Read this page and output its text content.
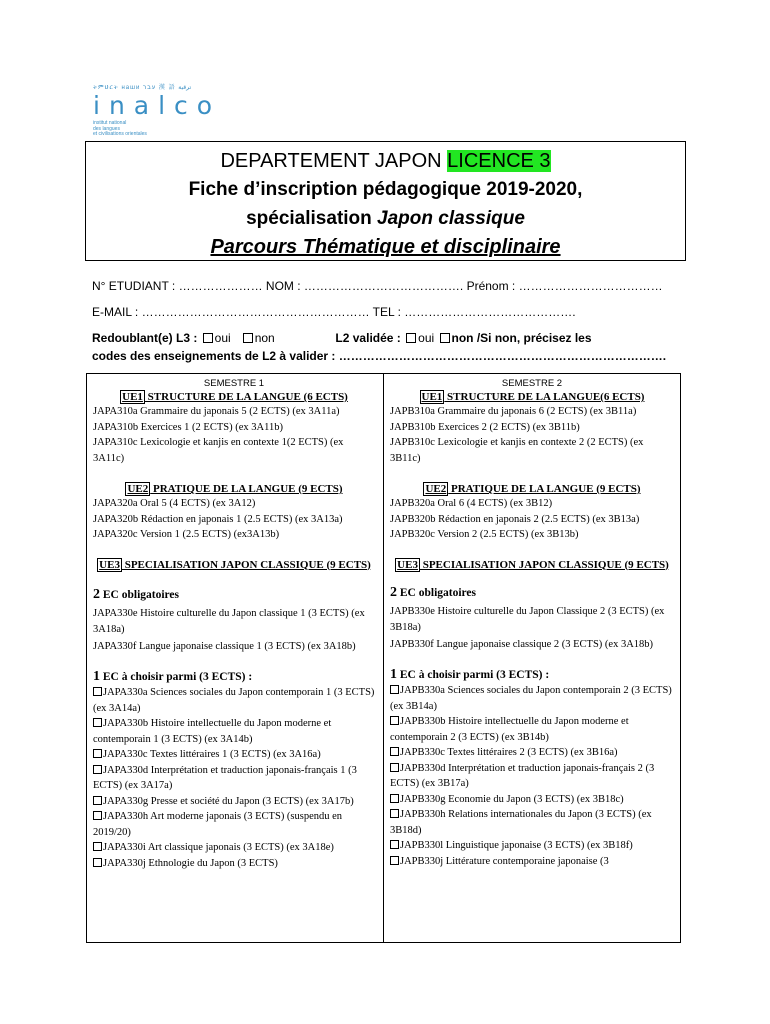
ትምህርት наши עבר 漢 語 ترقية
inalco
institut national
des langues
et civilisations orientales
DEPARTEMENT JAPON LICENCE 3
Fiche d’inscription pédagogique 2019-2020,
spécialisation Japon classique
Parcours Thématique et disciplinaire
N° ETUDIANT : ………………… NOM : …………………………………. Prénom : ………………………………
E-MAIL : ………………………………………………… TEL : …………………………………….
Redoublant(e) L3 : oui non	L2 validée : oui non /Si non, précisez les
codes des enseignements de L2 à valider : ……………………………………………………………………….
SEMESTRE 1
UE1 STRUCTURE DE LA LANGUE (6 ECTS)
JAPA310a Grammaire du japonais 5 (2 ECTS) (ex 3A11a)
JAPA310b Exercices 1 (2 ECTS) (ex 3A11b)
JAPA310c Lexicologie et kanjis en contexte 1(2 ECTS) (ex 3A11c)
UE2 PRATIQUE DE LA LANGUE (9 ECTS)
JAPA320a Oral 5 (4 ECTS) (ex 3A12)
JAPA320b Rédaction en japonais 1 (2.5 ECTS) (ex 3A13a)
JAPA320c Version 1 (2.5 ECTS) (ex3A13b)
UE3 SPECIALISATION JAPON CLASSIQUE (9 ECTS)
2 EC obligatoires
JAPA330e Histoire culturelle du Japon classique 1 (3 ECTS) (ex 3A18a)
JAPA330f Langue japonaise classique 1 (3 ECTS) (ex 3A18b)
1 EC à choisir parmi (3 ECTS) :
JAPA330a Sciences sociales du Japon contemporain 1 (3 ECTS) (ex 3A14a)
JAPA330b Histoire intellectuelle du Japon moderne et contemporain 1 (3 ECTS) (ex 3A14b)
JAPA330c Textes littéraires 1 (3 ECTS) (ex 3A16a)
JAPA330d Interprétation et traduction japonais-français 1 (3 ECTS) (ex 3A17a)
JAPA330g Presse et société du Japon (3 ECTS) (ex 3A17b)
JAPA330h Art moderne japonais (3 ECTS) (suspendu en 2019/20)
JAPA330i Art classique japonais (3 ECTS) (ex 3A18e)
JAPA330j Ethnologie du Japon (3 ECTS)
SEMESTRE 2
UE1 STRUCTURE DE LA LANGUE(6 ECTS)
JAPB310a Grammaire du japonais 6 (2 ECTS) (ex 3B11a)
JAPB310b Exercices 2 (2 ECTS) (ex 3B11b)
JAPB310c Lexicologie et kanjis en contexte 2 (2 ECTS) (ex 3B11c)
UE2 PRATIQUE DE LA LANGUE (9 ECTS)
JAPB320a Oral 6 (4 ECTS) (ex 3B12)
JAPB320b Rédaction en japonais 2 (2.5 ECTS) (ex 3B13a)
JAPB320c Version 2 (2.5 ECTS) (ex 3B13b)
UE3 SPECIALISATION JAPON CLASSIQUE (9 ECTS)
2 EC obligatoires
JAPB330e Histoire culturelle du Japon Classique 2 (3 ECTS) (ex 3B18a)
JAPB330f Langue japonaise classique 2 (3 ECTS) (ex 3A18b)
1 EC à choisir parmi (3 ECTS) :
JAPB330a Sciences sociales du Japon contemporain 2 (3 ECTS) (ex 3B14a)
JAPB330b Histoire intellectuelle du Japon moderne et contemporain 2 (3 ECTS) (ex 3B14b)
JAPB330c Textes littéraires 2 (3 ECTS) (ex 3B16a)
JAPB330d Interprétation et traduction japonais-français 2 (3 ECTS) (ex 3B17a)
JAPB330g Economie du Japon (3 ECTS) (ex 3B18c)
JAPB330h Relations internationales du Japon (3 ECTS) (ex 3B18d)
JAPB330l Linguistique japonaise (3 ECTS) (ex 3B18f)
JAPB330j Littérature contemporaine japonaise (3
